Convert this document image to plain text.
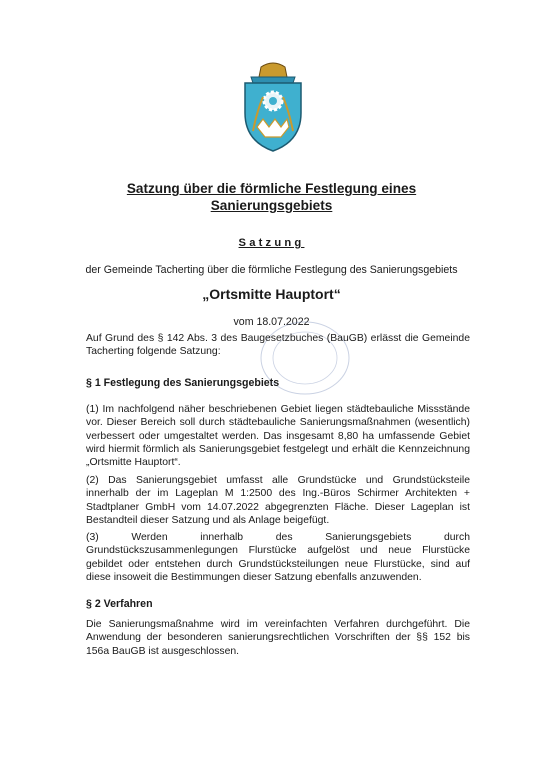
Satzung über die förmliche Festlegung eines
Sanierungsgebiets
Satzung
der Gemeinde Tacherting über die förmliche Festlegung des Sanierungsgebiets
„Ortsmitte Hauptort“
vom 18.07.2022

Auf Grund des § 142 Abs. 3 des Baugesetzbuches (BauGB) erlässt die Gemeinde Tacherting folgende Satzung:

§ 1 Festlegung des Sanierungsgebiets

(1) Im nachfolgend näher beschriebenen Gebiet liegen städtebauliche Missstände vor. Dieser Bereich soll durch städtebauliche Sanierungsmaßnahmen (wesentlich) verbessert oder umgestaltet werden. Das insgesamt 8,80 ha umfassende Gebiet wird hiermit förmlich als Sanierungsgebiet festgelegt und erhält die Kennzeichnung „Ortsmitte Hauptort“.

(2) Das Sanierungsgebiet umfasst alle Grundstücke und Grundstücksteile innerhalb der im Lageplan M 1:2500 des Ing.-Büros Schirmer Architekten + Stadtplaner GmbH vom 14.07.2022 abgegrenzten Fläche. Dieser Lageplan ist Bestandteil dieser Satzung und als Anlage beigefügt.

(3) Werden innerhalb des Sanierungsgebiets durch Grundstückszusammenlegungen Flurstücke aufgelöst und neue Flurstücke gebildet oder entstehen durch Grundstücksteilungen neue Flurstücke, sind auf diese insoweit die Bestimmungen dieser Satzung ebenfalls anzuwenden.

§ 2 Verfahren

Die Sanierungsmaßnahme wird im vereinfachten Verfahren durchgeführt. Die Anwendung der besonderen sanierungsrechtlichen Vorschriften der §§ 152 bis 156a BauGB ist ausgeschlossen.
